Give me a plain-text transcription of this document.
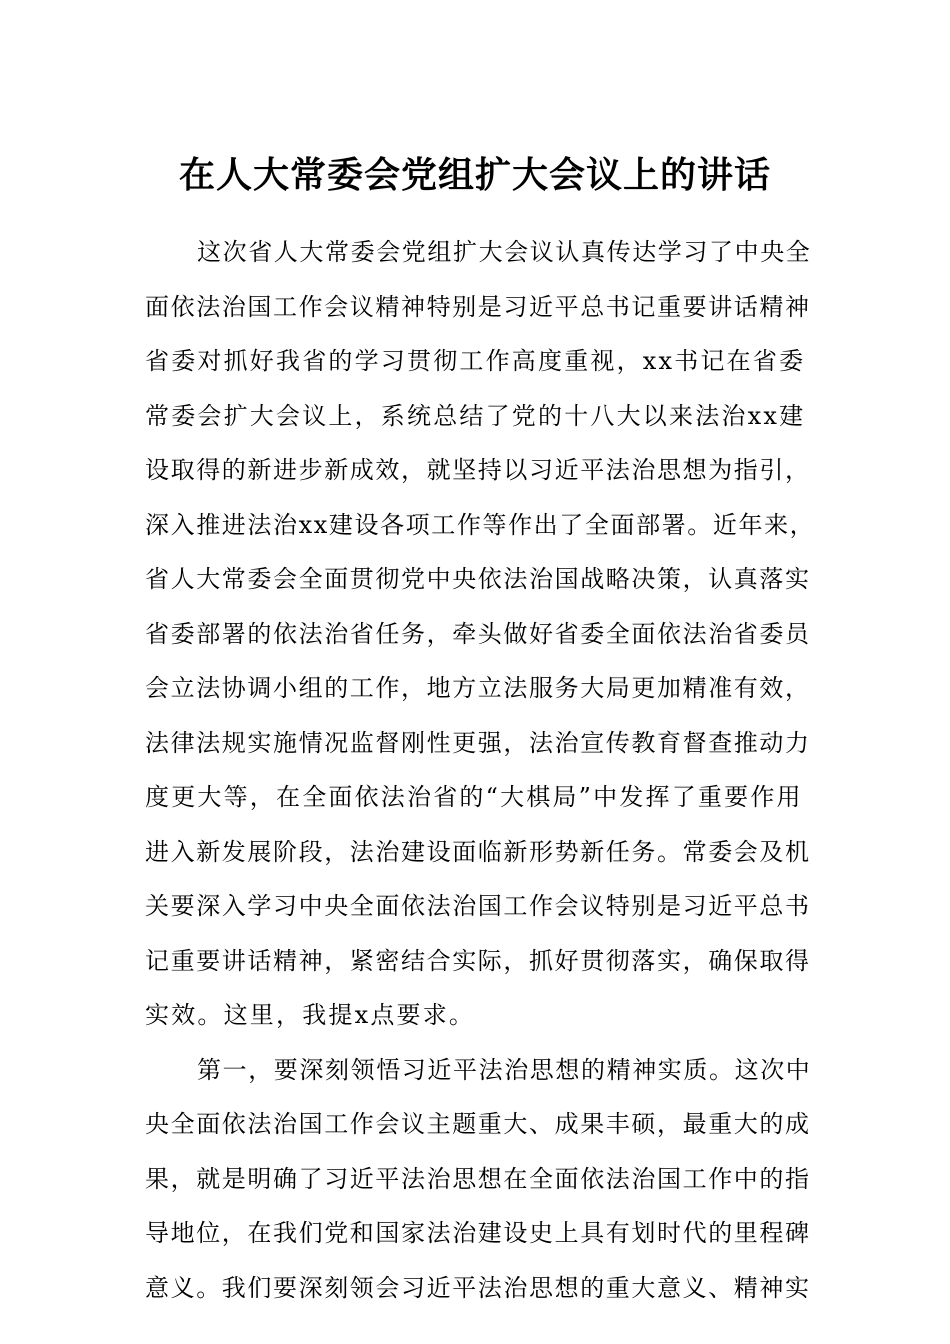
在人大常委会党组扩大会议上的讲话
这次省人大常委会党组扩大会议认真传达学习了中央全
面依法治国工作会议精神特别是习近平总书记重要讲话精神
省委对抓好我省的学习贯彻工作高度重视，xx书记在省委
常委会扩大会议上，系统总结了党的十八大以来法治xx建
设取得的新进步新成效，就坚持以习近平法治思想为指引，
深入推进法治xx建设各项工作等作出了全面部署。近年来，
省人大常委会全面贯彻党中央依法治国战略决策，认真落实
省委部署的依法治省任务，牵头做好省委全面依法治省委员
会立法协调小组的工作，地方立法服务大局更加精准有效，
法律法规实施情况监督刚性更强，法治宣传教育督查推动力
度更大等，在全面依法治省的“大棋局”中发挥了重要作用
进入新发展阶段，法治建设面临新形势新任务。常委会及机
关要深入学习中央全面依法治国工作会议特别是习近平总书
记重要讲话精神，紧密结合实际，抓好贯彻落实，确保取得
实效。这里，我提x点要求。
第一，要深刻领悟习近平法治思想的精神实质。这次中
央全面依法治国工作会议主题重大、成果丰硕，最重大的成
果，就是明确了习近平法治思想在全面依法治国工作中的指
导地位，在我们党和国家法治建设史上具有划时代的里程碑
意义。我们要深刻领会习近平法治思想的重大意义、精神实
